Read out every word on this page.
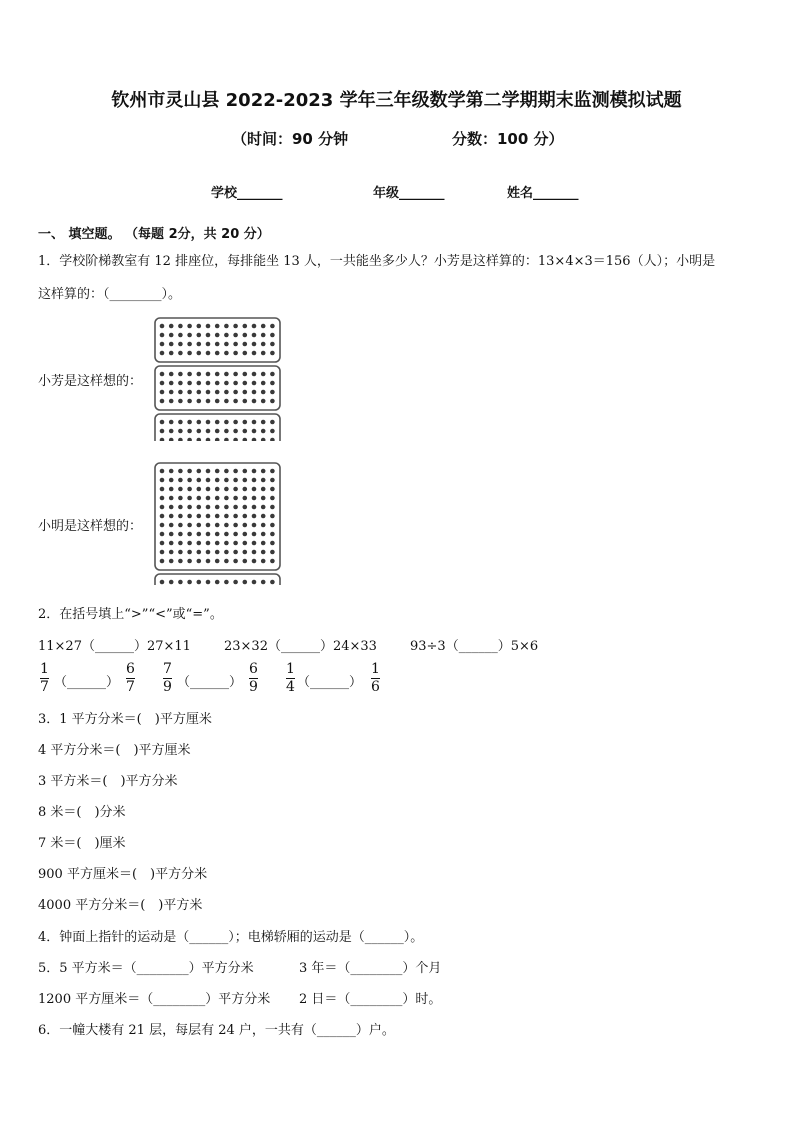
钦州市灵山县 2022-2023 学年三年级数学第二学期期末监测模拟试题
（时间：90 分钟	分数：100 分）
学校_______	年级_______	姓名_______
一、 填空题。 （每题 2分，共 20 分）
1．学校阶梯教室有 12 排座位，每排能坐 13 人，一共能坐多少人？小芳是这样算的：13×4×3＝156（人）；小明是
这样算的：（________）。
小芳是这样想的：
小明是这样想的：
2．在括号填上“>”“<”或“=”。
11×27（______）27×11	23×32（______）24×33	93÷3（______）5×6
1
7 （______）
6
7
7
9 （______）
6
9
1
4 （______）
1
6
3．1 平方分米＝(　)平方厘米
4 平方分米＝(　)平方厘米
3 平方米＝(　)平方分米
8 米＝(　)分米
7 米＝(　)厘米
900 平方厘米＝(　)平方分米
4000 平方分米＝(　)平方米
4．钟面上指针的运动是（______）；电梯轿厢的运动是（______）。
5．5 平方米＝（________）平方分米	3 年＝（________）个月
1200 平方厘米＝（________）平方分米 2 日＝（________）时。
6．一幢大楼有 21 层，每层有 24 户，一共有（______）户。
